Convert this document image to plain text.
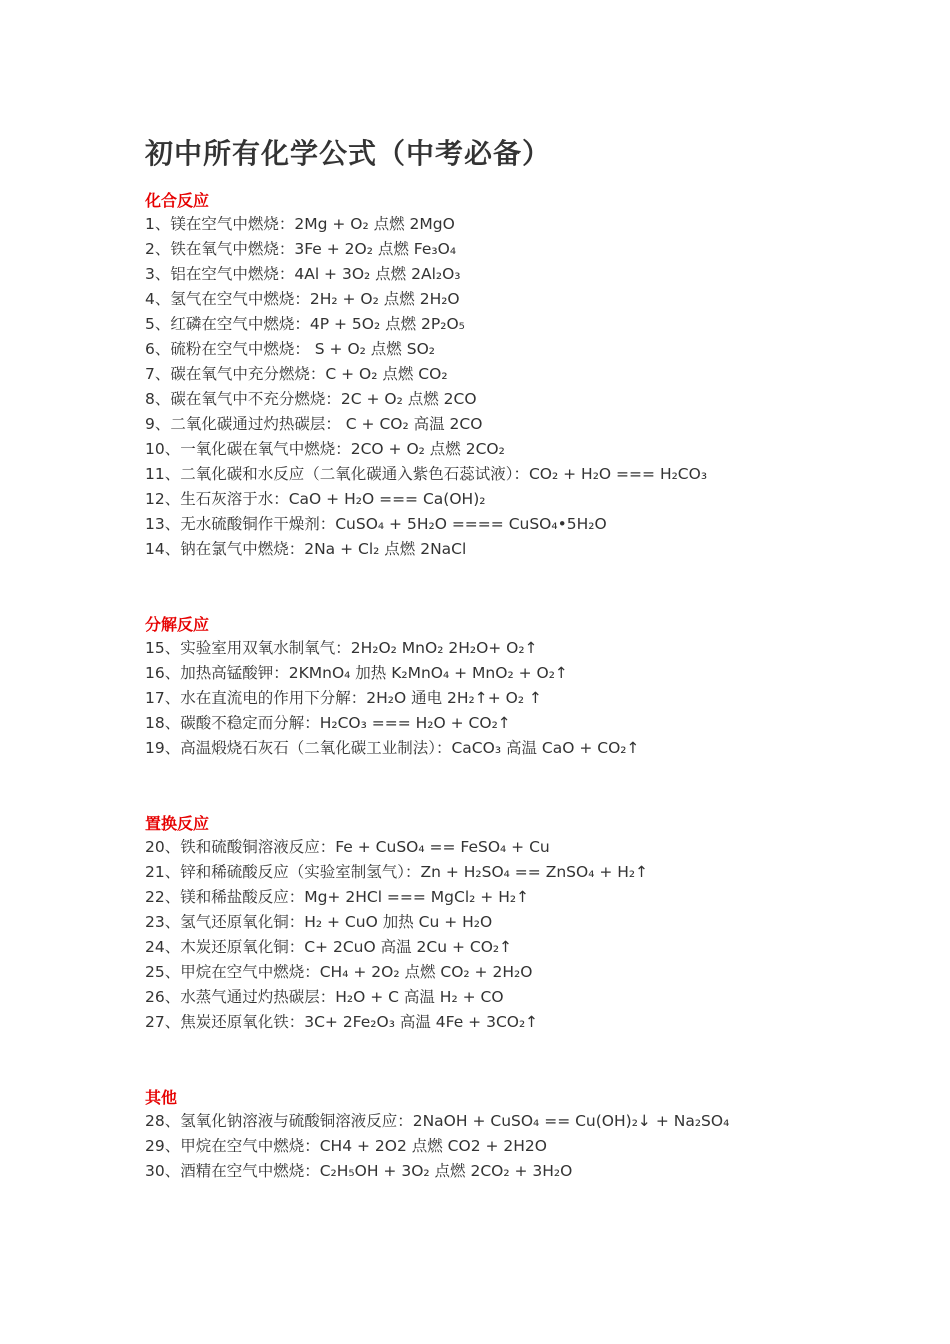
初中所有化学公式（中考必备）
化合反应
1、镁在空气中燃烧：2Mg + O₂ 点燃 2MgO
2、铁在氧气中燃烧：3Fe + 2O₂ 点燃 Fe₃O₄
3、铝在空气中燃烧：4Al + 3O₂ 点燃 2Al₂O₃
4、氢气在空气中燃烧：2H₂ + O₂ 点燃 2H₂O
5、红磷在空气中燃烧：4P + 5O₂ 点燃 2P₂O₅
6、硫粉在空气中燃烧： S + O₂ 点燃 SO₂
7、碳在氧气中充分燃烧：C + O₂ 点燃 CO₂
8、碳在氧气中不充分燃烧：2C + O₂ 点燃 2CO
9、二氧化碳通过灼热碳层： C + CO₂ 高温 2CO
10、一氧化碳在氧气中燃烧：2CO + O₂ 点燃 2CO₂
11、二氧化碳和水反应（二氧化碳通入紫色石蕊试液）：CO₂ + H₂O === H₂CO₃
12、生石灰溶于水：CaO + H₂O === Ca(OH)₂
13、无水硫酸铜作干燥剂：CuSO₄ + 5H₂O ==== CuSO₄•5H₂O
14、钠在氯气中燃烧：2Na + Cl₂ 点燃 2NaCl
分解反应
15、实验室用双氧水制氧气：2H₂O₂ MnO₂ 2H₂O+ O₂↑
16、加热高锰酸钾：2KMnO₄ 加热 K₂MnO₄ + MnO₂ + O₂↑
17、水在直流电的作用下分解：2H₂O 通电 2H₂↑+ O₂ ↑
18、碳酸不稳定而分解：H₂CO₃ === H₂O + CO₂↑
19、高温煅烧石灰石（二氧化碳工业制法）：CaCO₃ 高温 CaO + CO₂↑
置换反应
20、铁和硫酸铜溶液反应：Fe + CuSO₄ == FeSO₄ + Cu
21、锌和稀硫酸反应（实验室制氢气）：Zn + H₂SO₄ == ZnSO₄ + H₂↑
22、镁和稀盐酸反应：Mg+ 2HCl === MgCl₂ + H₂↑
23、氢气还原氧化铜：H₂ + CuO 加热 Cu + H₂O
24、木炭还原氧化铜：C+ 2CuO 高温 2Cu + CO₂↑
25、甲烷在空气中燃烧：CH₄ + 2O₂ 点燃 CO₂ + 2H₂O
26、水蒸气通过灼热碳层：H₂O + C 高温 H₂ + CO
27、焦炭还原氧化铁：3C+ 2Fe₂O₃ 高温 4Fe + 3CO₂↑
其他
28、氢氧化钠溶液与硫酸铜溶液反应：2NaOH + CuSO₄ == Cu(OH)₂↓ + Na₂SO₄
29、甲烷在空气中燃烧：CH4 + 2O2 点燃 CO2 + 2H2O
30、酒精在空气中燃烧：C₂H₅OH + 3O₂ 点燃 2CO₂ + 3H₂O
